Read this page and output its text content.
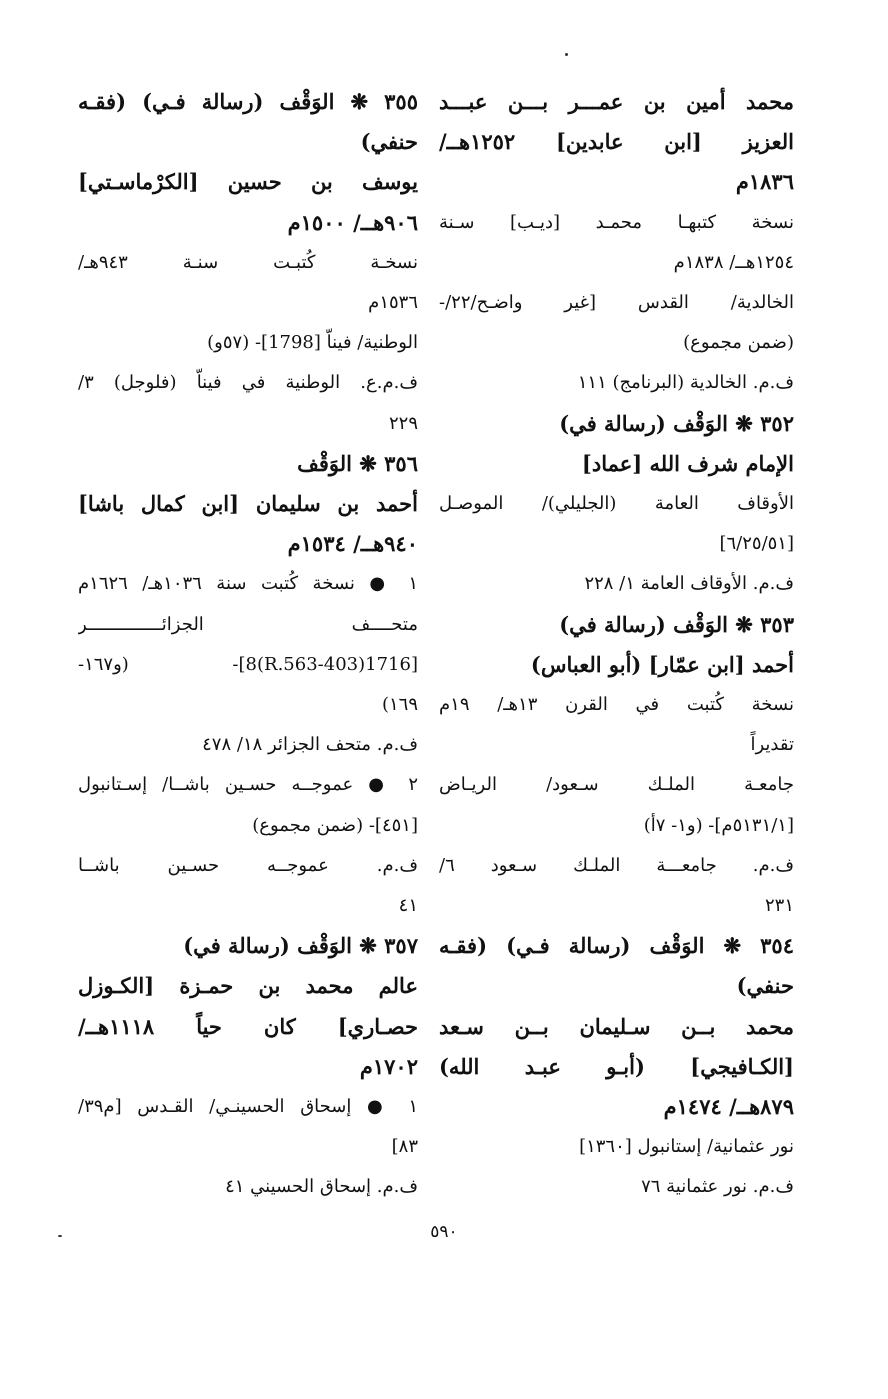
محمد أمين بن عمـــر بـــن عبـــد
العزيز [ابن عابدين] ١٢٥٢هــ/
١٨٣٦م
نسخة كتبهـا محمـد [ديـب] سـنة
١٢٥٤هــ/ ١٨٣٨م
الخالدية/ القدس [غير واضـح/٢٢/-
(ضمن مجموع)
ف.م. الخالدية (البرنامج) ١١١
٣٥٢ ❋ الوَقْف (رسالة في)
الإمام شرف الله [عماد]
الأوقاف العامة (الجليلي)/ الموصـل
[٦/٢٥/٥١]
ف.م. الأوقاف العامة ١/ ٢٢٨
٣٥٣ ❋ الوَقْف (رسالة في)
أحمد [ابن عمّار] (أبو العباس)
نسخة كُتبت في القرن ١٣هـ/ ١٩م
تقديراً
جامعـة الملـك سـعود/ الريـاض
[٥١٣١/١م]- (و١- ٧أ)
ف.م. جامعـــة الملـك سـعود ٦/
٢٣١
٣٥٤ ❋ الوَقْف (رسالة فـي) (فقـه
حنفي)
محمد بــن سـليمان بــن سـعد
[الكـافيجي] (أبـو عبـد الله)
٨٧٩هــ/ ١٤٧٤م
نور عثمانية/ إستانبول [١٣٦٠]
ف.م. نور عثمانية ٧٦
٣٥٥ ❋ الوَقْف (رسالة فـي) (فقـه
حنفي)
يوسف بن حسين [الكرْماسـتي]
٩٠٦هــ/ ١٥٠٠م
نسخـة كُتبـت سنـة ٩٤٣هـ/
١٥٣٦م
الوطنية/ فيناّ [1798]- (٥٧و)
ف.م.ع. الوطنية في فيناّ (فلوجل) ٣/
٢٢٩
٣٥٦ ❋ الوَقْف
أحمد بن سليمان [ابن كمال باشا]
٩٤٠هــ/ ١٥٣٤م
١ ● نسخة كُتبت سنة ١٠٣٦هـ/ ١٦٢٦م
متحــــف الجزائــــــــــــــر
[1716(403-R.563)8]- (و١٦٧-
١٦٩)
ف.م. متحف الجزائر ١٨/ ٤٧٨
٢ ● عموجــه حسـين باشــا/ إسـتانبول
[٤٥١]- (ضمن مجموع)
ف.م. عموجــه حسـين باشــا
٤١
٣٥٧ ❋ الوَقْف (رسالة في)
عالم محمد بن حمـزة [الكـوزل
حصـاري] كان حياً ١١١٨هــ/
١٧٠٢م
١ ● إسحاق الحسينـي/ القـدس [م٣٩/
٨٣]
ف.م. إسحاق الحسيني ٤١
٥٩٠
